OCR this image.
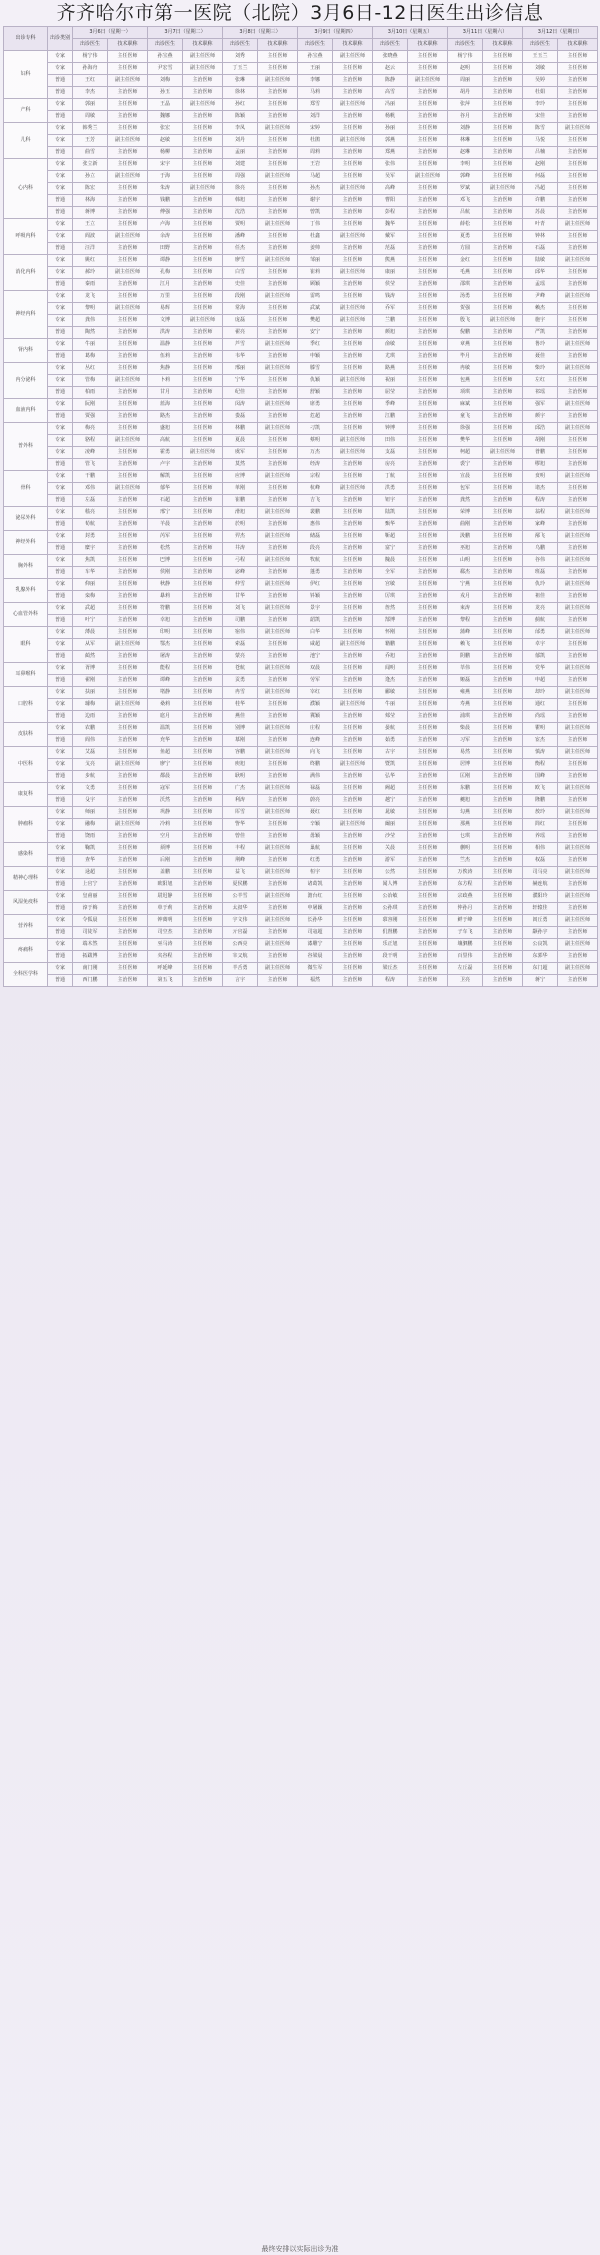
齐齐哈尔市第一医院（北院）3月6日-12日医生出诊信息
出诊专科	出诊类别	3月6日（星期一）		3月7日（星期二）		3月8日（星期三）		3月9日（星期四）		3月10日（星期五）		3月11日（星期六）		3月12日（星期日）	
		出诊医生	技术职称	出诊医生	技术职称	出诊医生	技术职称	出诊医生	技术职称	出诊医生	技术职称	出诊医生	技术职称	出诊医生	技术职称
妇科	专家	杨宁伟	主任医师	孙宝燕	副主任医师	刘秀	主任医师	孙宝燕	副主任医师	张晓燕	主任医师	杨宁伟	主任医师	王玉兰	主任医师
	专家	孙海舟	主任医师	尹宏雪	副主任医师	丁玉兰	主任医师	王丽	主任医师	赵云	主任医师	赵明	主任医师	刘敏	主任医师
	普通	王红	副主任医师	刘梅	主治医师	张琳	副主任医师	李娜	主治医师	陈静	副主任医师	周丽	主治医师	吴婷	主治医师
	普通	李杰	主治医师	孙玉	主治医师	徐林	主治医师	马莉	主治医师	高雪	主治医师	胡丹	主治医师	杜娟	主治医师
产科	专家	郭丽	主任医师	王晶	副主任医师	孙红	主任医师	郑雪	副主任医师	冯丽	主任医师	张萍	主任医师	李玲	主任医师
	普通	周敏	主治医师	魏娜	主治医师	陈颖	主治医师	刘洋	主治医师	杨帆	主治医师	谷月	主治医师	宋佳	主治医师
儿科	专家	韩秀兰	主任医师	张宏	主任医师	李凤	副主任医师	宋婷	主任医师	孙丽	主任医师	刘静	主任医师	陈雪	副主任医师
	专家	王芳	副主任医师	赵敏	主任医师	刘丹	主任医师	杜鹃	副主任医师	郭燕	主任医师	林琳	主任医师	马悦	主任医师
	普通	曲雪	主治医师	杨柳	主治医师	孟丽	主治医师	周莉	主治医师	郑燕	主治医师	赵琳	主治医师	吕楠	主治医师
心内科	专家	张立新	主任医师	宋宇	主任医师	刘建	主任医师	王岩	主任医师	张伟	主任医师	李明	主任医师	赵刚	主任医师
	专家	孙立	副主任医师	于海	主任医师	周强	副主任医师	马超	主任医师	吴军	副主任医师	郭峰	主任医师	何磊	主任医师
	专家	陈宏	主任医师	朱涛	副主任医师	徐亮	主任医师	孙杰	副主任医师	高峰	主任医师	罗斌	副主任医师	冯超	主任医师
	普通	林海	主治医师	钱鹏	主治医师	韩旭	主治医师	谢宇	主治医师	曹阳	主治医师	邓飞	主治医师	许鹏	主治医师
	普通	蒋博	主治医师	傅强	主治医师	沈浩	主治医师	曾凯	主治医师	彭程	主治医师	吕航	主治医师	苏晨	主治医师
呼吸内科	专家	王立	主任医师	卢海	主任医师	贾明	副主任医师	丁伟	主任医师	魏华	主任医师	薛松	主任医师	叶青	副主任医师
	专家	阎波	副主任医师	余涛	主任医师	潘峰	主任医师	杜鑫	副主任医师	戴军	主任医师	夏勇	主任医师	钟林	主任医师
	普通	汪洋	主治医师	田野	主治医师	任杰	主治医师	姜帅	主治医师	范磊	主治医师	方圆	主治医师	石磊	主治医师
消化内科	专家	姚红	主任医师	谭静	主任医师	廖雪	副主任医师	邹丽	主任医师	熊燕	主任医师	金红	主任医师	陆敏	副主任医师
	专家	郝玲	副主任医师	孔梅	主任医师	白雪	主任医师	崔莉	副主任医师	康丽	主任医师	毛燕	主任医师	邱华	主任医师
	普通	秦雨	主治医师	江月	主治医师	史佳	主治医师	顾颖	主治医师	侯莹	主治医师	邵琪	主治医师	孟瑶	主治医师
神经内科	专家	龙飞	主任医师	万里	主任医师	段刚	副主任医师	雷鸣	主任医师	钱涛	主任医师	汤勇	主任医师	尹峰	副主任医师
	专家	黎明	副主任医师	易辉	主任医师	常海	主任医师	武斌	副主任医师	乔军	主任医师	贺强	主任医师	赖杰	主任医师
	专家	龚伟	主任医师	文博	副主任医师	庞磊	主任医师	樊超	副主任医师	兰鹏	主任医师	殷飞	副主任医师	施宇	主任医师
	普通	陶然	主治医师	洪涛	主治医师	翟亮	主治医师	安宁	主治医师	颜旭	主治医师	倪鹏	主治医师	严凯	主治医师
肾内科	专家	牛丽	主任医师	温静	主任医师	芦雪	副主任医师	季红	主任医师	俞敏	主任医师	章燕	主任医师	鲁玲	副主任医师
	普通	葛梅	主治医师	伍莉	主治医师	韦华	主治医师	申颖	主治医师	尤琪	主治医师	毕月	主治医师	聂佳	主治医师
内分泌科	专家	丛红	主任医师	焦静	主任医师	邢丽	副主任医师	滕雪	主任医师	路燕	主任医师	冉敏	主任医师	柴玲	副主任医师
	专家	管梅	副主任医师	卜莉	主任医师	宁华	主任医师	仇颖	副主任医师	祝丽	主任医师	包燕	主任医师	左红	主任医师
	普通	柏雨	主治医师	甘月	主治医师	纪佳	主治医师	舒颖	主治医师	屈莹	主治医师	项琪	主治医师	祁瑶	主治医师
血液内科	专家	阮刚	主任医师	蓝海	主任医师	闵涛	副主任医师	席勇	主任医师	季峰	主任医师	麻斌	主任医师	强军	副主任医师
	普通	贾强	主治医师	路杰	主治医师	娄磊	主治医师	危超	主治医师	江鹏	主治医师	童飞	主治医师	颜宇	主治医师
普外科	专家	梅亮	主任医师	盛旭	主任医师	林鹏	副主任医师	刁凯	主任医师	钟博	主任医师	徐强	主任医师	邱浩	副主任医师
	专家	骆程	副主任医师	高航	主任医师	夏晨	主任医师	蔡明	副主任医师	田伟	主任医师	樊华	主任医师	胡刚	主任医师
	专家	凌峰	主任医师	霍勇	副主任医师	虞军	主任医师	万杰	副主任医师	支磊	主任医师	柯超	副主任医师	昝鹏	主任医师
	普通	管飞	主治医师	卢宇	主治医师	莫然	主治医师	经涛	主治医师	房亮	主治医师	裘宁	主治医师	缪旭	主治医师
骨科	专家	干鹏	主任医师	解凯	主任医师	应博	副主任医师	宗程	主任医师	丁航	主任医师	宣晨	主任医师	贲明	副主任医师
	专家	邓伟	副主任医师	郁华	主任医师	单刚	主任医师	杭峰	副主任医师	洪勇	主任医师	包军	主任医师	诸杰	主任医师
	普通	左磊	主治医师	石超	主治医师	崔鹏	主治医师	吉飞	主治医师	钮宇	主治医师	龚然	主治医师	程涛	主治医师
泌尿外科	专家	嵇亮	主任医师	邢宁	主任医师	滑旭	副主任医师	裴鹏	主任医师	陆凯	主任医师	荣博	主任医师	翁程	副主任医师
	普通	荀航	主治医师	羊晨	主治医师	於明	主治医师	惠伟	主治医师	甄华	主治医师	曲刚	主治医师	家峰	主治医师
神经外科	专家	封勇	主任医师	芮军	主任医师	羿杰	副主任医师	储磊	主任医师	靳超	主任医师	汲鹏	主任医师	邴飞	副主任医师
	普通	糜宇	主治医师	松然	主治医师	井涛	主治医师	段亮	主治医师	富宁	主治医师	巫旭	主治医师	乌鹏	主治医师
胸外科	专家	焦凯	主任医师	巴博	主任医师	弓程	副主任医师	牧航	主任医师	隗晨	主任医师	山明	主任医师	谷伟	副主任医师
	普通	车华	主治医师	侯刚	主治医师	宓峰	主治医师	蓬勇	主治医师	全军	主治医师	郗杰	主治医师	班磊	主治医师
乳腺外科	专家	仰丽	主任医师	秋静	主任医师	仲雪	副主任医师	伊红	主任医师	宫敏	主任医师	宁燕	主任医师	仇玲	副主任医师
	普通	栾梅	主治医师	暴莉	主治医师	甘华	主治医师	钭颖	主治医师	厉琪	主治医师	戎月	主治医师	祖佳	主治医师
心血管外科	专家	武超	主任医师	符鹏	主任医师	刘飞	副主任医师	景宇	主任医师	詹然	主任医师	束涛	主任医师	龙亮	副主任医师
	普通	叶宁	主治医师	幸旭	主治医师	司鹏	主治医师	韶凯	主治医师	郜博	主治医师	黎程	主治医师	蓟航	主治医师
眼科	专家	薄晨	主任医师	印明	主任医师	宿伟	副主任医师	白华	主任医师	怀刚	主任医师	蒲峰	主任医师	邰勇	副主任医师
	专家	从军	副主任医师	鄂杰	主任医师	索磊	主任医师	咸超	副主任医师	籍鹏	主任医师	赖飞	主任医师	卓宇	主任医师
	普通	蔺然	主治医师	屠涛	主治医师	蒙亮	主治医师	池宁	主治医师	乔旭	主治医师	阴鹏	主治医师	郁凯	主治医师
耳鼻喉科	专家	胥博	主任医师	能程	主任医师	苍航	副主任医师	双晨	主任医师	闻明	主任医师	莘伟	主任医师	党华	副主任医师
	普通	翟刚	主治医师	谭峰	主治医师	贡勇	主治医师	劳军	主治医师	逄杰	主治医师	姬磊	主治医师	申超	主治医师
口腔科	专家	扶丽	主任医师	堵静	主任医师	冉雪	副主任医师	宰红	主任医师	郦敏	主任医师	雍燕	主任医师	却玲	副主任医师
	专家	璩梅	副主任医师	桑莉	主任医师	桂华	主任医师	濮颖	副主任医师	牛丽	主任医师	寿燕	主任医师	通红	主任医师
	普通	边雨	主治医师	扈月	主治医师	燕佳	主治医师	冀颖	主治医师	郏莹	主治医师	浦琪	主治医师	尚瑶	主治医师
皮肤科	专家	农鹏	主任医师	温凯	主任医师	别博	副主任医师	庄程	主任医师	晏航	主任医师	柴晨	主任医师	瞿明	副主任医师
	普通	阎伟	主治医师	充华	主治医师	慕刚	主治医师	连峰	主治医师	茹勇	主治医师	习军	主治医师	宦杰	主治医师
中医科	专家	艾磊	主任医师	鱼超	主任医师	容鹏	副主任医师	向飞	主任医师	古宇	主任医师	易然	主任医师	慎涛	副主任医师
	专家	戈亮	副主任医师	廖宁	主任医师	庾旭	主任医师	终鹏	副主任医师	暨凯	主任医师	居博	主任医师	衡程	主任医师
	普通	步航	主治医师	都晨	主治医师	耿明	主治医师	满伟	主治医师	弘华	主治医师	匡刚	主治医师	国峰	主治医师
康复科	专家	文勇	主任医师	寇军	主任医师	广杰	副主任医师	禄磊	主任医师	阙超	主任医师	东鹏	主任医师	欧飞	副主任医师
	普通	殳宇	主治医师	沃然	主治医师	利涛	主治医师	蔚亮	主治医师	越宁	主治医师	夔旭	主治医师	隆鹏	主治医师
肿瘤科	专家	师丽	主任医师	巩静	主任医师	厍雪	副主任医师	聂红	主任医师	晁敏	主任医师	勾燕	主任医师	敖玲	副主任医师
	专家	融梅	副主任医师	冷莉	主任医师	訾华	主任医师	辛颖	副主任医师	阚丽	主任医师	那燕	主任医师	简红	主任医师
	普通	饶雨	主治医师	空月	主治医师	曾佳	主治医师	毋颖	主治医师	沙莹	主治医师	乜琪	主治医师	养瑶	主治医师
感染科	专家	鞠凯	主任医师	须博	主任医师	丰程	副主任医师	巢航	主任医师	关晨	主任医师	蒯明	主任医师	相伟	副主任医师
	普通	查华	主治医师	后刚	主治医师	荆峰	主治医师	红勇	主治医师	游军	主治医师	竺杰	主治医师	权磊	主治医师
精神心理科	专家	逯超	主任医师	盖鹏	主任医师	益飞	副主任医师	桓宇	主任医师	公然	主任医师	万俟涛	主任医师	司马亮	副主任医师
	普通	上官宁	主治医师	欧阳旭	主治医师	夏侯鹏	主治医师	诸葛凯	主治医师	闻人博	主治医师	东方程	主治医师	赫连航	主治医师
风湿免疫科	专家	皇甫丽	主任医师	尉迟静	主任医师	公羊雪	副主任医师	澹台红	主任医师	公冶敏	主任医师	宗政燕	主任医师	濮阳玲	副主任医师
	普通	淳于梅	主治医师	单于莉	主治医师	太叔华	主治医师	申屠颖	主治医师	公孙琪	主治医师	仲孙月	主治医师	轩辕佳	主治医师
营养科	专家	令狐晨	主任医师	钟离明	主任医师	宇文伟	副主任医师	长孙华	主任医师	慕容刚	主任医师	鲜于峰	主任医师	闾丘勇	副主任医师
	普通	司徒军	主治医师	司空杰	主治医师	亓官磊	主治医师	司寇超	主治医师	仉督鹏	主治医师	子车飞	主治医师	颛孙宇	主治医师
疼痛科	专家	端木然	主任医师	巫马涛	主任医师	公西亮	副主任医师	漆雕宁	主任医师	乐正旭	主任医师	壤驷鹏	主任医师	公良凯	副主任医师
	普通	拓跋博	主治医师	夹谷程	主治医师	宰父航	主治医师	谷梁晨	主治医师	段干明	主治医师	百里伟	主治医师	东郭华	主治医师
全科医学科	专家	南门刚	主任医师	呼延峰	主任医师	羊舌勇	副主任医师	微生军	主任医师	梁丘杰	主任医师	左丘磊	主任医师	东门超	副主任医师
	普通	西门鹏	主治医师	第五飞	主治医师	言宇	主治医师	福然	主治医师	程涛	主治医师	卫亮	主治医师	蒋宁	主治医师
最终安排以实际出诊为准
